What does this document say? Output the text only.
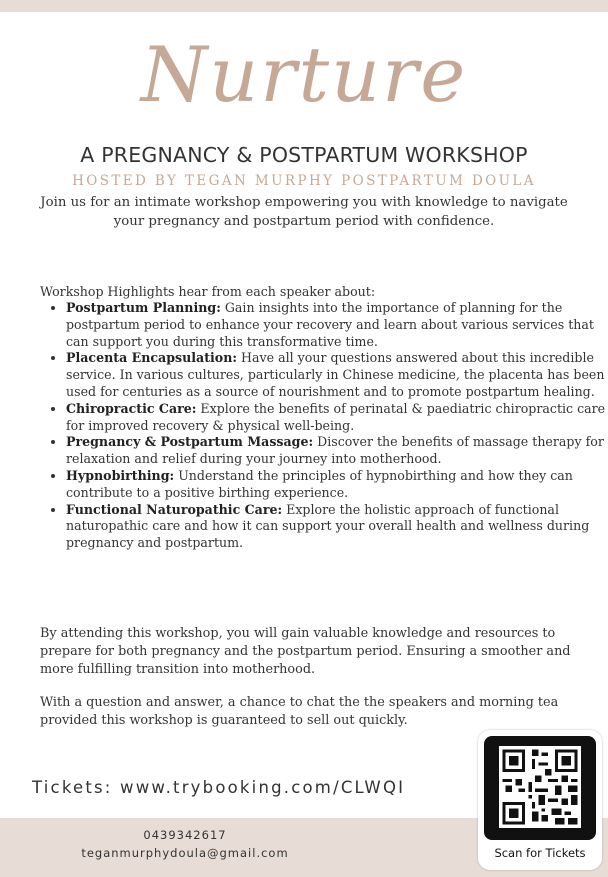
Nurture
A PREGNANCY & POSTPARTUM WORKSHOP
HOSTED BY TEGAN MURPHY POSTPARTUM DOULA
Join us for an intimate workshop empowering you with knowledge to navigate your pregnancy and postpartum period with confidence.
Workshop Highlights hear from each speaker about:
• Postpartum Planning: Gain insights into the importance of planning for the postpartum period to enhance your recovery and learn about various services that can support you during this transformative time.
• Placenta Encapsulation: Have all your questions answered about this incredible service. In various cultures, particularly in Chinese medicine, the placenta has been used for centuries as a source of nourishment and to promote postpartum healing.
• Chiropractic Care: Explore the benefits of perinatal & paediatric chiropractic care for improved recovery & physical well-being.
• Pregnancy & Postpartum Massage: Discover the benefits of massage therapy for relaxation and relief during your journey into motherhood.
• Hypnobirthing: Understand the principles of hypnobirthing and how they can contribute to a positive birthing experience.
• Functional Naturopathic Care: Explore the holistic approach of functional naturopathic care and how it can support your overall health and wellness during pregnancy and postpartum.
By attending this workshop, you will gain valuable knowledge and resources to prepare for both pregnancy and the postpartum period. Ensuring a smoother and more fulfilling transition into motherhood.
With a question and answer, a chance to chat the the speakers and morning tea provided this workshop is guaranteed to sell out quickly.
Tickets: www.trybooking.com/CLWQI
0439342617
teganmurphydoula@gmail.com	Scan for Tickets
